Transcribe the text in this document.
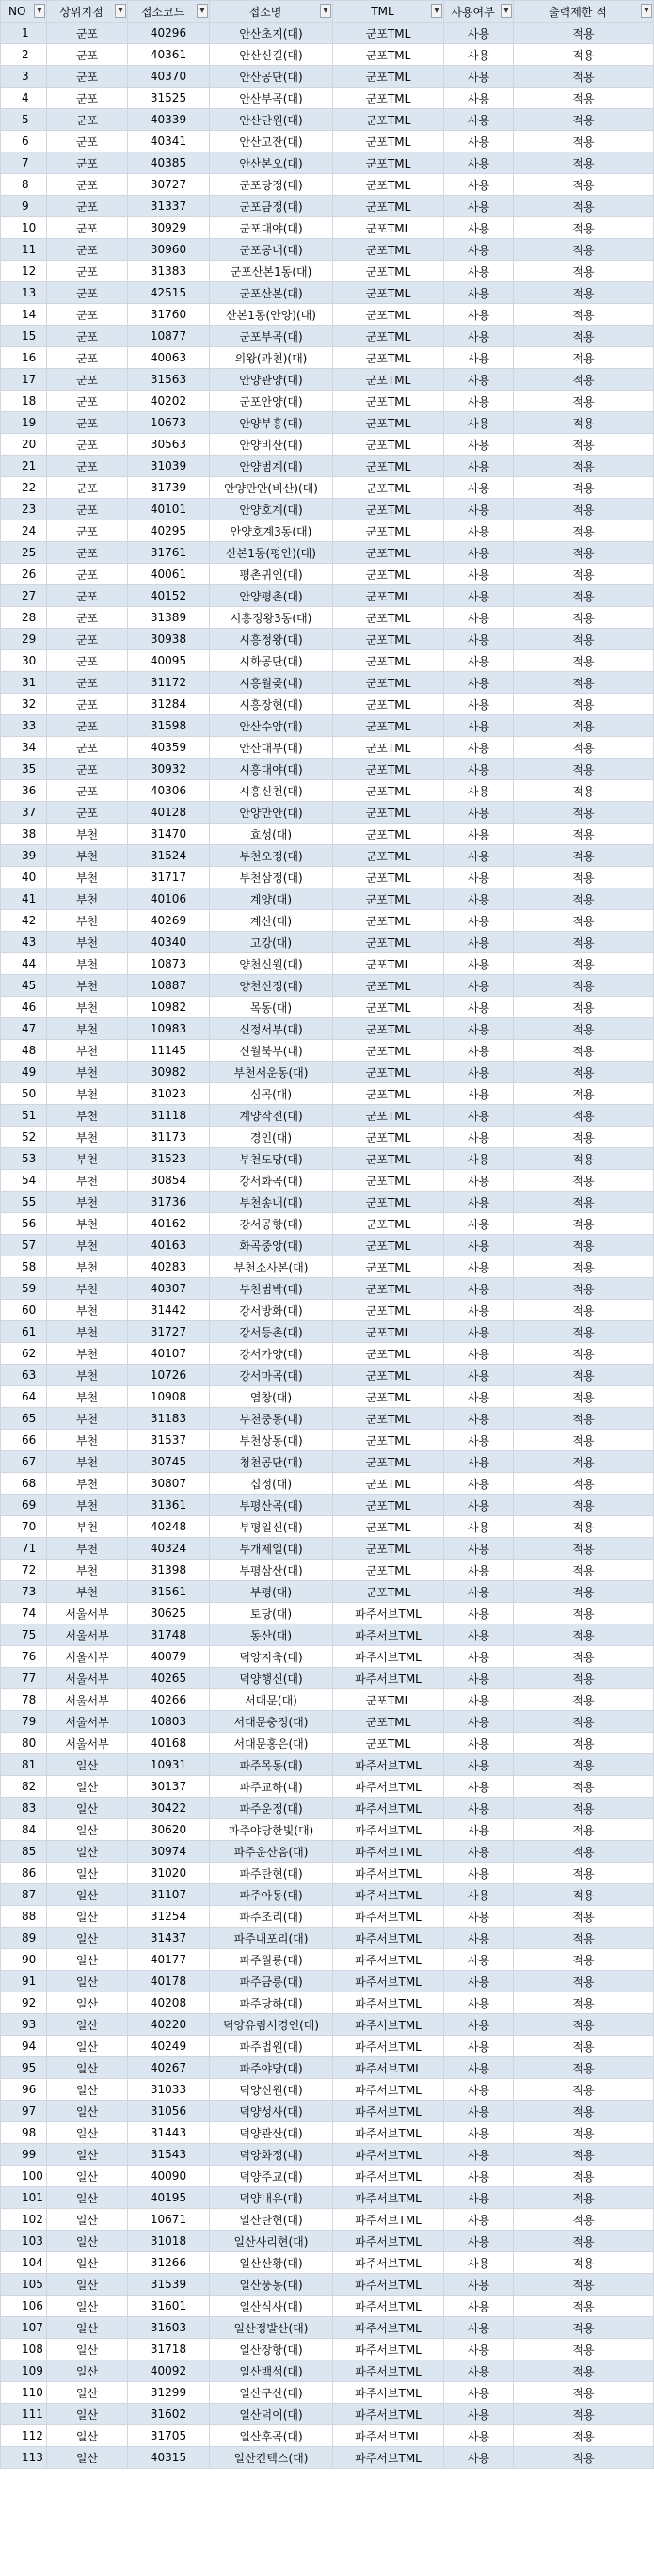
NO ▼	상위지점 ▼	접소코드 ▼	접소명 ▼	TML ▼	사용여부 ▼	출력제한 적 ▼

1	군포	40296	안산초지(대)	군포TML	사용	적용
2	군포	40361	안산신길(대)	군포TML	사용	적용
3	군포	40370	안산공단(대)	군포TML	사용	적용
4	군포	31525	안산부곡(대)	군포TML	사용	적용
5	군포	40339	안산단원(대)	군포TML	사용	적용
6	군포	40341	안산고잔(대)	군포TML	사용	적용
7	군포	40385	안산본오(대)	군포TML	사용	적용
8	군포	30727	군포당정(대)	군포TML	사용	적용
9	군포	31337	군포금정(대)	군포TML	사용	적용
10	군포	30929	군포대야(대)	군포TML	사용	적용
11	군포	30960	군포공내(대)	군포TML	사용	적용
12	군포	31383	군포산본1동(대)	군포TML	사용	적용
13	군포	42515	군포산본(대)	군포TML	사용	적용
14	군포	31760	산본1동(안양)(대)	군포TML	사용	적용
15	군포	10877	군포부곡(대)	군포TML	사용	적용
16	군포	40063	의왕(과천)(대)	군포TML	사용	적용
17	군포	31563	안양관양(대)	군포TML	사용	적용
18	군포	40202	군포안양(대)	군포TML	사용	적용
19	군포	10673	안양부흥(대)	군포TML	사용	적용
20	군포	30563	안양비산(대)	군포TML	사용	적용
21	군포	31039	안양범계(대)	군포TML	사용	적용
22	군포	31739	안양만안(비산)(대)	군포TML	사용	적용
23	군포	40101	안양호계(대)	군포TML	사용	적용
24	군포	40295	안양호계3동(대)	군포TML	사용	적용
25	군포	31761	산본1동(평안)(대)	군포TML	사용	적용
26	군포	40061	평촌귀인(대)	군포TML	사용	적용
27	군포	40152	안양평촌(대)	군포TML	사용	적용
28	군포	31389	시흥정왕3동(대)	군포TML	사용	적용
29	군포	30938	시흥정왕(대)	군포TML	사용	적용
30	군포	40095	시화공단(대)	군포TML	사용	적용
31	군포	31172	시흥월곶(대)	군포TML	사용	적용
32	군포	31284	시흥장현(대)	군포TML	사용	적용
33	군포	31598	안산수암(대)	군포TML	사용	적용
34	군포	40359	안산대부(대)	군포TML	사용	적용
35	군포	30932	시흥대야(대)	군포TML	사용	적용
36	군포	40306	시흥신천(대)	군포TML	사용	적용
37	군포	40128	안양만안(대)	군포TML	사용	적용
38	부천	31470	효성(대)	군포TML	사용	적용
39	부천	31524	부천오정(대)	군포TML	사용	적용
40	부천	31717	부천삼정(대)	군포TML	사용	적용
41	부천	40106	계양(대)	군포TML	사용	적용
42	부천	40269	계산(대)	군포TML	사용	적용
43	부천	40340	고강(대)	군포TML	사용	적용
44	부천	10873	양천신월(대)	군포TML	사용	적용
45	부천	10887	양천신정(대)	군포TML	사용	적용
46	부천	10982	목동(대)	군포TML	사용	적용
47	부천	10983	신정서부(대)	군포TML	사용	적용
48	부천	11145	신월북부(대)	군포TML	사용	적용
49	부천	30982	부천서운동(대)	군포TML	사용	적용
50	부천	31023	심곡(대)	군포TML	사용	적용
51	부천	31118	계양작전(대)	군포TML	사용	적용
52	부천	31173	경인(대)	군포TML	사용	적용
53	부천	31523	부천도당(대)	군포TML	사용	적용
54	부천	30854	강서화곡(대)	군포TML	사용	적용
55	부천	31736	부천송내(대)	군포TML	사용	적용
56	부천	40162	강서공항(대)	군포TML	사용	적용
57	부천	40163	화곡중앙(대)	군포TML	사용	적용
58	부천	40283	부천소사본(대)	군포TML	사용	적용
59	부천	40307	부천범박(대)	군포TML	사용	적용
60	부천	31442	강서방화(대)	군포TML	사용	적용
61	부천	31727	강서등촌(대)	군포TML	사용	적용
62	부천	40107	강서가양(대)	군포TML	사용	적용
63	부천	10726	강서마곡(대)	군포TML	사용	적용
64	부천	10908	염창(대)	군포TML	사용	적용
65	부천	31183	부천중동(대)	군포TML	사용	적용
66	부천	31537	부천상동(대)	군포TML	사용	적용
67	부천	30745	청천공단(대)	군포TML	사용	적용
68	부천	30807	십정(대)	군포TML	사용	적용
69	부천	31361	부평산곡(대)	군포TML	사용	적용
70	부천	40248	부평일신(대)	군포TML	사용	적용
71	부천	40324	부개제일(대)	군포TML	사용	적용
72	부천	31398	부평삼산(대)	군포TML	사용	적용
73	부천	31561	부평(대)	군포TML	사용	적용
74	서울서부	30625	토당(대)	파주서브TML	사용	적용
75	서울서부	31748	동산(대)	파주서브TML	사용	적용
76	서울서부	40079	덕양지축(대)	파주서브TML	사용	적용
77	서울서부	40265	덕양행신(대)	파주서브TML	사용	적용
78	서울서부	40266	서대문(대)	군포TML	사용	적용
79	서울서부	10803	서대문충정(대)	군포TML	사용	적용
80	서울서부	40168	서대문홍은(대)	군포TML	사용	적용
81	일산	10931	파주목동(대)	파주서브TML	사용	적용
82	일산	30137	파주교하(대)	파주서브TML	사용	적용
83	일산	30422	파주운정(대)	파주서브TML	사용	적용
84	일산	30620	파주야당한빛(대)	파주서브TML	사용	적용
85	일산	30974	파주운산음(대)	파주서브TML	사용	적용
86	일산	31020	파주탄현(대)	파주서브TML	사용	적용
87	일산	31107	파주아동(대)	파주서브TML	사용	적용
88	일산	31254	파주조리(대)	파주서브TML	사용	적용
89	일산	31437	파주내포리(대)	파주서브TML	사용	적용
90	일산	40177	파주월롱(대)	파주서브TML	사용	적용
91	일산	40178	파주금릉(대)	파주서브TML	사용	적용
92	일산	40208	파주당하(대)	파주서브TML	사용	적용
93	일산	40220	덕양유림서경인(대)	파주서브TML	사용	적용
94	일산	40249	파주법원(대)	파주서브TML	사용	적용
95	일산	40267	파주야당(대)	파주서브TML	사용	적용
96	일산	31033	덕양신원(대)	파주서브TML	사용	적용
97	일산	31056	덕양성사(대)	파주서브TML	사용	적용
98	일산	31443	덕양관산(대)	파주서브TML	사용	적용
99	일산	31543	덕양화정(대)	파주서브TML	사용	적용
100	일산	40090	덕양주교(대)	파주서브TML	사용	적용
101	일산	40195	덕양내유(대)	파주서브TML	사용	적용
102	일산	10671	일산탄현(대)	파주서브TML	사용	적용
103	일산	31018	일산사리현(대)	파주서브TML	사용	적용
104	일산	31266	일산산황(대)	파주서브TML	사용	적용
105	일산	31539	일산풍동(대)	파주서브TML	사용	적용
106	일산	31601	일산식사(대)	파주서브TML	사용	적용
107	일산	31603	일산정발산(대)	파주서브TML	사용	적용
108	일산	31718	일산장항(대)	파주서브TML	사용	적용
109	일산	40092	일산백석(대)	파주서브TML	사용	적용
110	일산	31299	일산구산(대)	파주서브TML	사용	적용
111	일산	31602	일산덕이(대)	파주서브TML	사용	적용
112	일산	31705	일산후곡(대)	파주서브TML	사용	적용
113	일산	40315	일산킨텍스(대)	파주서브TML	사용	적용
